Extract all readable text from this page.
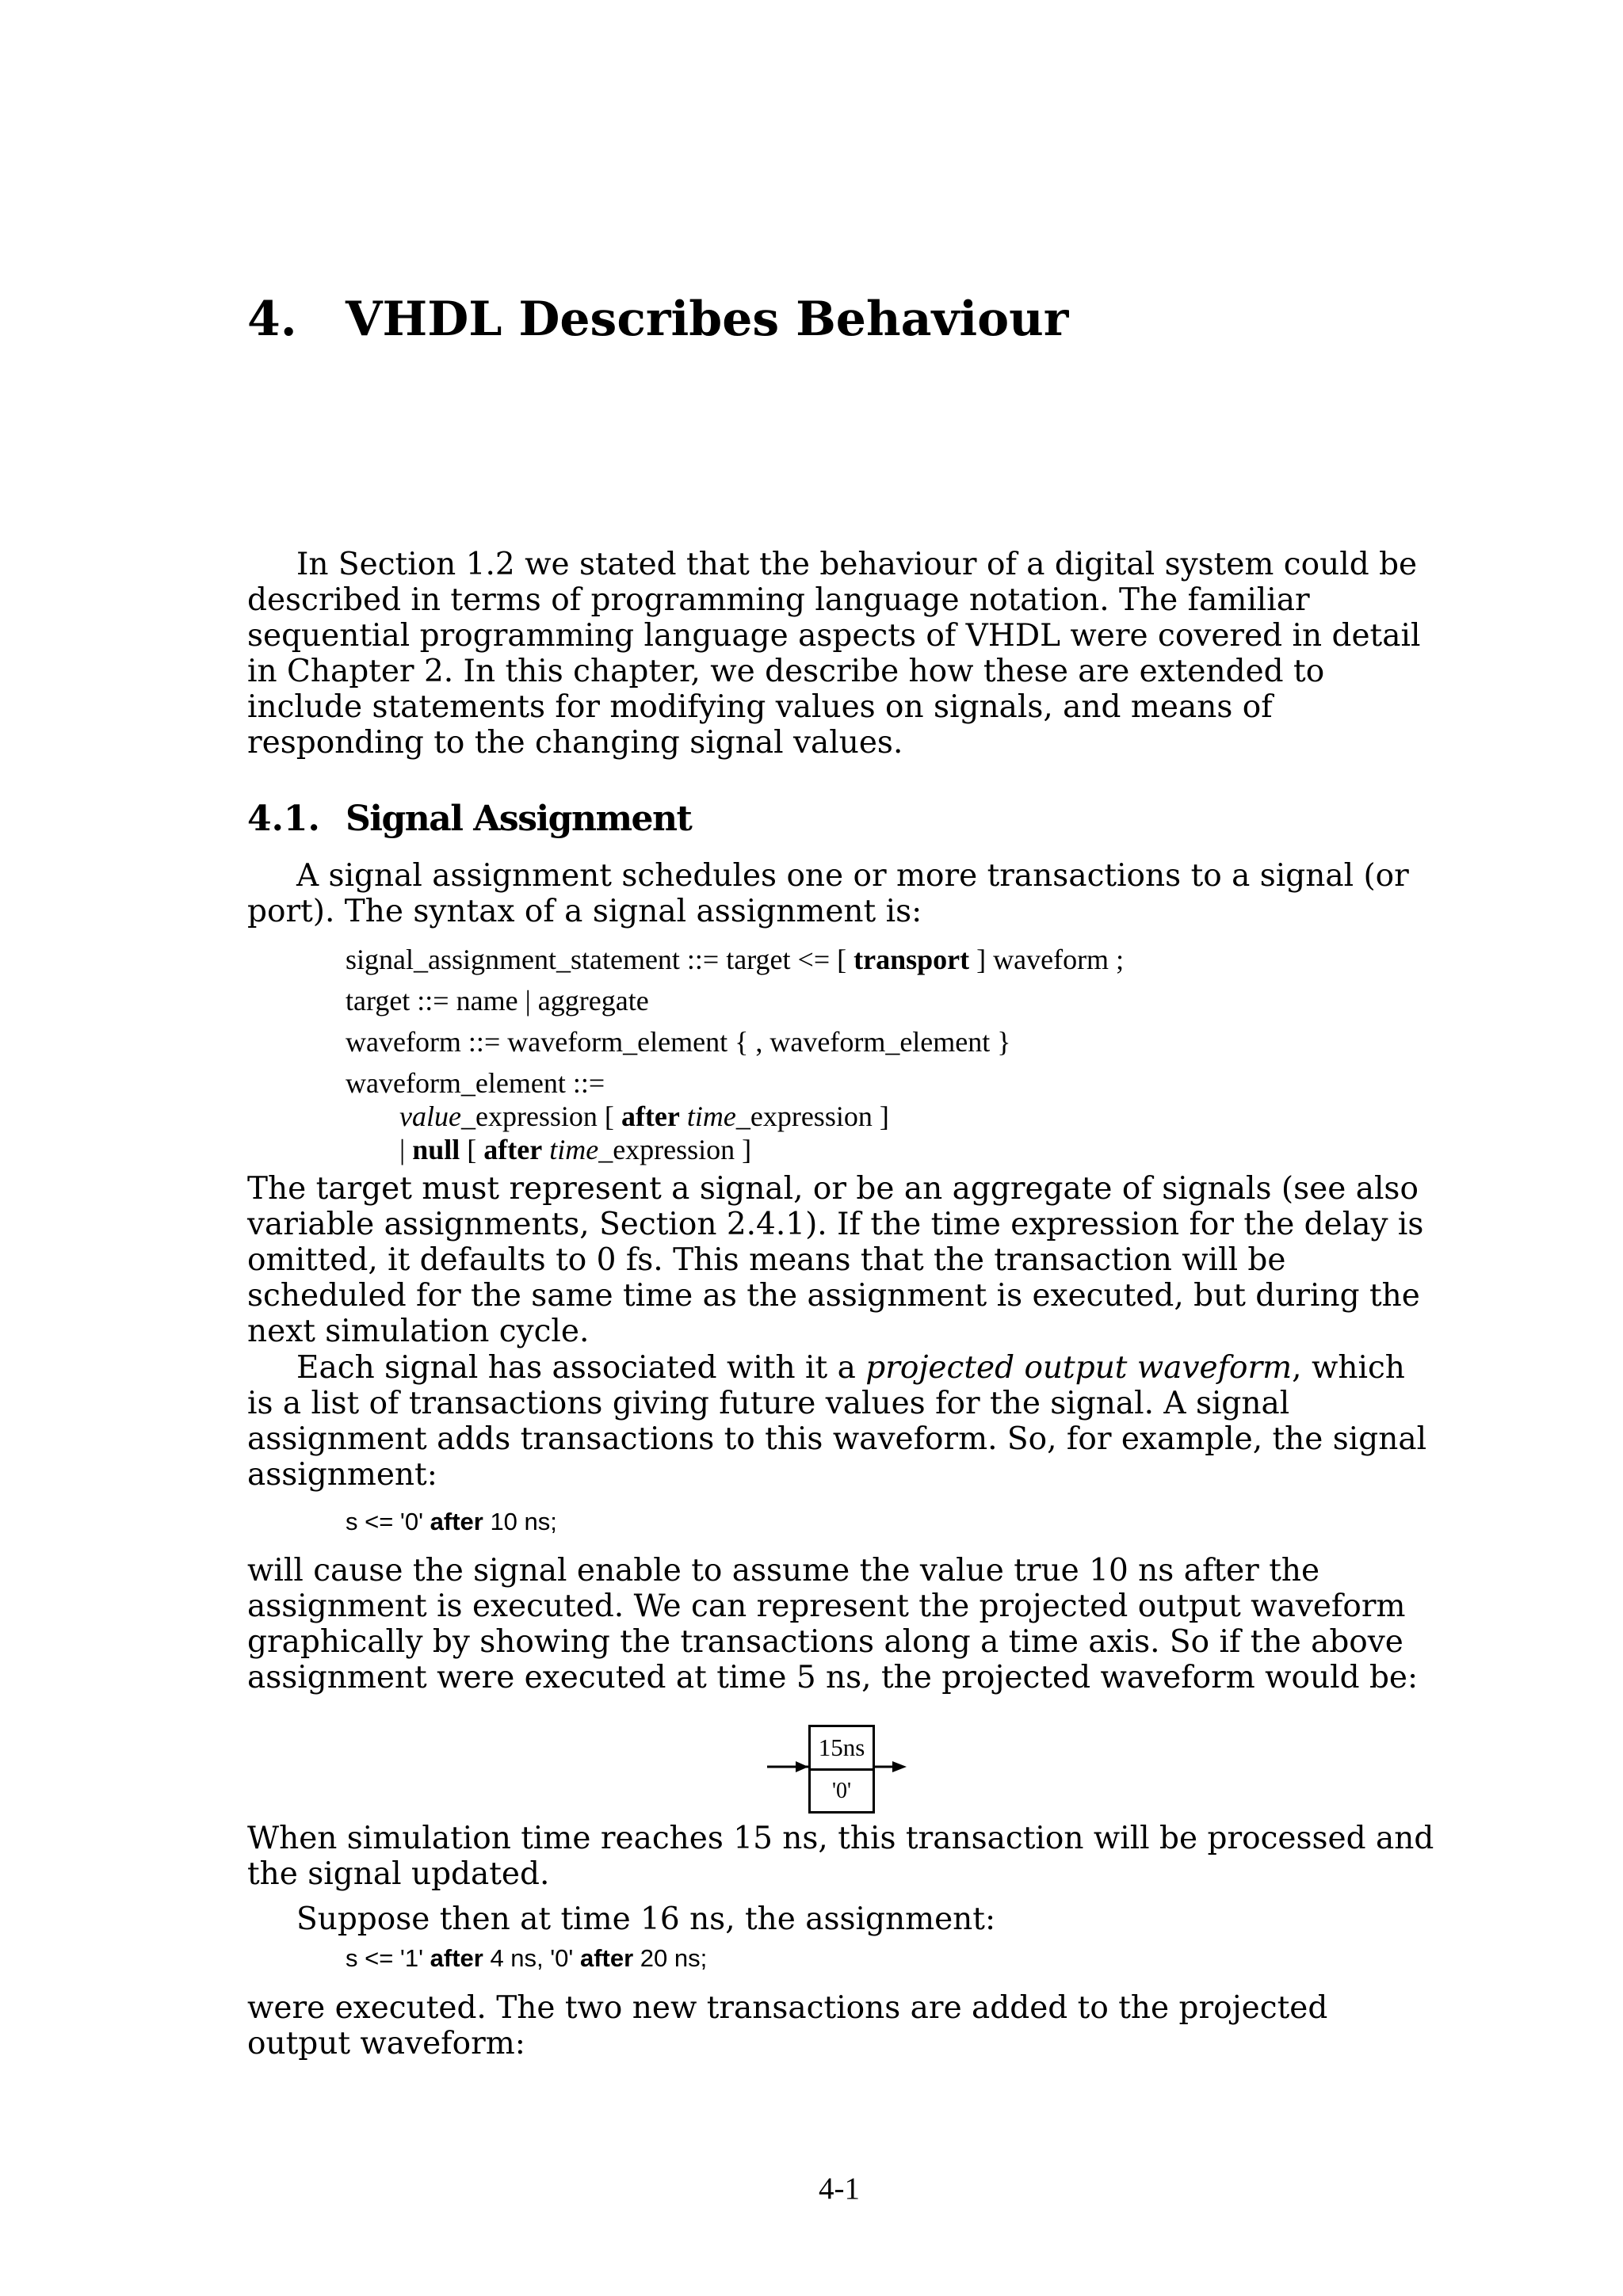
4. VHDL Describes Behaviour

In Section 1.2 we stated that the behaviour of a digital system could be described in terms of programming language notation. The familiar sequential programming language aspects of VHDL were covered in detail in Chapter 2. In this chapter, we describe how these are extended to include statements for modifying values on signals, and means of responding to the changing signal values.

4.1. Signal Assignment

A signal assignment schedules one or more transactions to a signal (or port). The syntax of a signal assignment is:

signal_assignment_statement ::= target <= [ transport ] waveform ;
target ::= name | aggregate
waveform ::= waveform_element { , waveform_element }
waveform_element ::=
value_expression [ after time_expression ]
| null [ after time_expression ]

The target must represent a signal, or be an aggregate of signals (see also variable assignments, Section 2.4.1). If the time expression for the delay is omitted, it defaults to 0 fs. This means that the transaction will be scheduled for the same time as the assignment is executed, but during the next simulation cycle.

Each signal has associated with it a projected output waveform, which is a list of transactions giving future values for the signal. A signal assignment adds transactions to this waveform. So, for example, the signal assignment:

s <= '0' after 10 ns;

will cause the signal enable to assume the value true 10 ns after the assignment is executed. We can represent the projected output waveform graphically by showing the transactions along a time axis. So if the above assignment were executed at time 5 ns, the projected waveform would be:

15ns
'0'

When simulation time reaches 15 ns, this transaction will be processed and the signal updated.

Suppose then at time 16 ns, the assignment:

s <= '1' after 4 ns, '0' after 20 ns;

were executed. The two new transactions are added to the projected output waveform:

4-1
